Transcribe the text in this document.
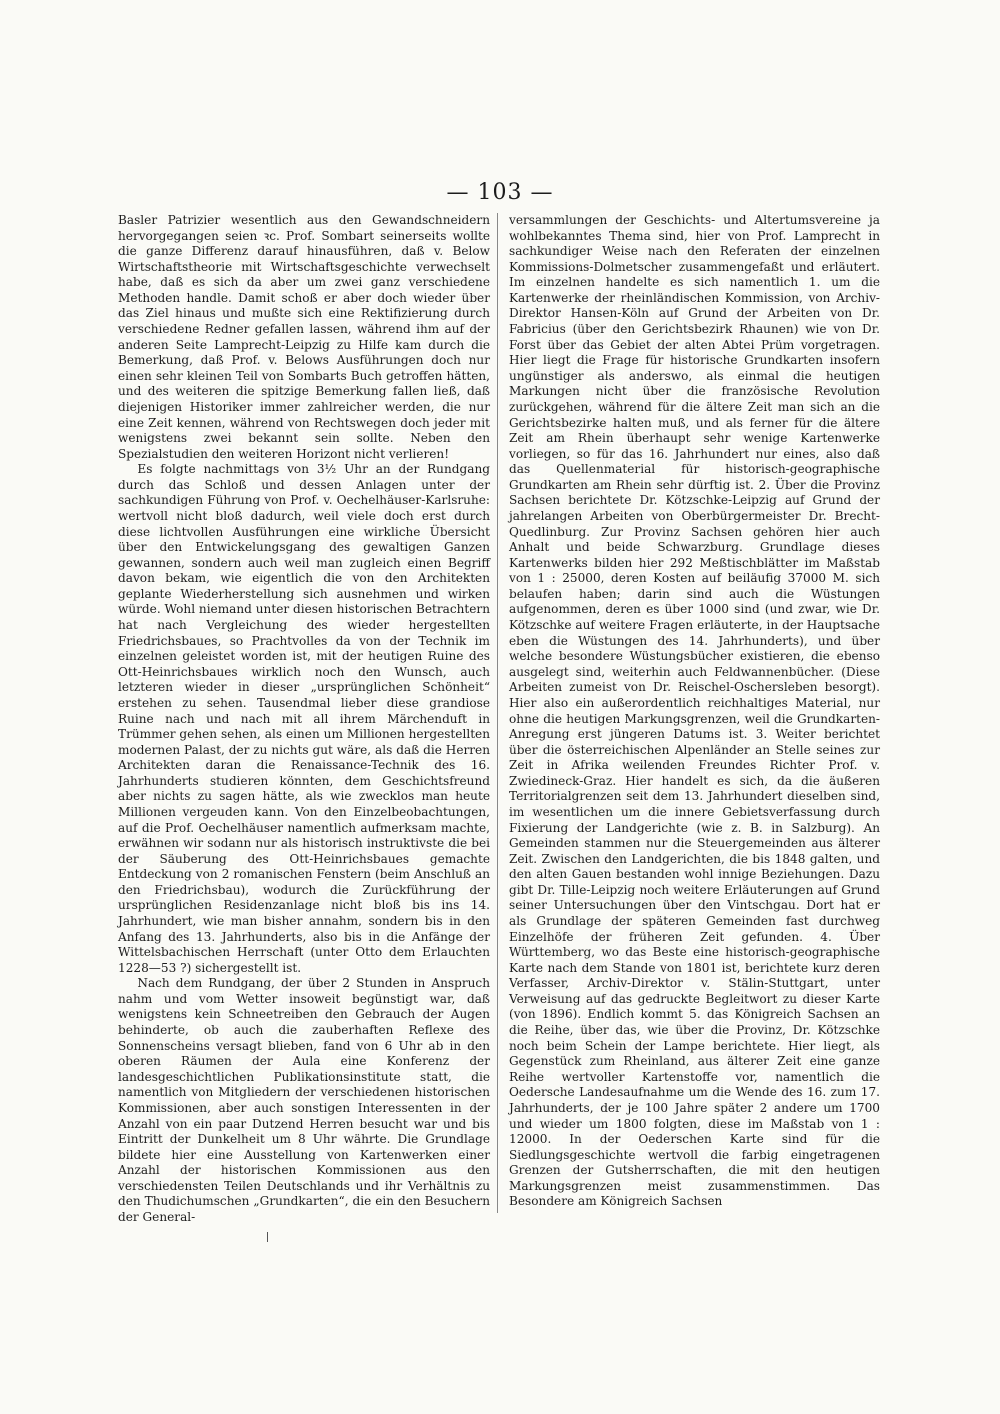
— 103 —

Basler Patrizier wesentlich aus den Gewandschneidern hervorgegangen seien ꝛc. Prof. Sombart seinerseits wollte die ganze Differenz darauf hinausführen, daß v. Below Wirtschaftstheorie mit Wirtschaftsgeschichte verwechselt habe, daß es sich da aber um zwei ganz verschiedene Methoden handle. Damit schoß er aber doch wieder über das Ziel hinaus und mußte sich eine Rektifizierung durch verschiedene Redner gefallen lassen, während ihm auf der anderen Seite Lamprecht-Leipzig zu Hilfe kam durch die Bemerkung, daß Prof. v. Belows Ausführungen doch nur einen sehr kleinen Teil von Sombarts Buch getroffen hätten, und des weiteren die spitzige Bemerkung fallen ließ, daß diejenigen Historiker immer zahlreicher werden, die nur eine Zeit kennen, während von Rechtswegen doch jeder mit wenigstens zwei bekannt sein sollte. Neben den Spezialstudien den weiteren Horizont nicht verlieren!

Es folgte nachmittags von 3½ Uhr an der Rundgang durch das Schloß und dessen Anlagen unter der sachkundigen Führung von Prof. v. Oechelhäuser-Karlsruhe: wertvoll nicht bloß dadurch, weil viele doch erst durch diese lichtvollen Ausführungen eine wirkliche Übersicht über den Entwickelungsgang des gewaltigen Ganzen gewannen, sondern auch weil man zugleich einen Begriff davon bekam, wie eigentlich die von den Architekten geplante Wiederherstellung sich ausnehmen und wirken würde. Wohl niemand unter diesen historischen Betrachtern hat nach Vergleichung des wieder hergestellten Friedrichsbaues, so Prachtvolles da von der Technik im einzelnen geleistet worden ist, mit der heutigen Ruine des Ott-Heinrichsbaues wirklich noch den Wunsch, auch letzteren wieder in dieser „ursprünglichen Schönheit“ erstehen zu sehen. Tausendmal lieber diese grandiose Ruine nach und nach mit all ihrem Märchenduft in Trümmer gehen sehen, als einen um Millionen hergestellten modernen Palast, der zu nichts gut wäre, als daß die Herren Architekten daran die Renaissance-Technik des 16. Jahrhunderts studieren könnten, dem Geschichtsfreund aber nichts zu sagen hätte, als wie zwecklos man heute Millionen vergeuden kann. Von den Einzelbeobachtungen, auf die Prof. Oechelhäuser namentlich aufmerksam machte, erwähnen wir sodann nur als historisch instruktivste die bei der Säuberung des Ott-Heinrichsbaues gemachte Entdeckung von 2 romanischen Fenstern (beim Anschluß an den Friedrichsbau), wodurch die Zurückführung der ursprünglichen Residenzanlage nicht bloß bis ins 14. Jahrhundert, wie man bisher annahm, sondern bis in den Anfang des 13. Jahrhunderts, also bis in die Anfänge der Wittelsbachischen Herrschaft (unter Otto dem Erlauchten 1228—53 ?) sichergestellt ist.

Nach dem Rundgang, der über 2 Stunden in Anspruch nahm und vom Wetter insoweit begünstigt war, daß wenigstens kein Schneetreiben den Gebrauch der Augen behinderte, ob auch die zauberhaften Reflexe des Sonnenscheins versagt blieben, fand von 6 Uhr ab in den oberen Räumen der Aula eine Konferenz der landesgeschichtlichen Publikationsinstitute statt, die namentlich von Mitgliedern der verschiedenen historischen Kommissionen, aber auch sonstigen Interessenten in der Anzahl von ein paar Dutzend Herren besucht war und bis Eintritt der Dunkelheit um 8 Uhr währte. Die Grundlage bildete hier eine Ausstellung von Kartenwerken einer Anzahl der historischen Kommissionen aus den verschiedensten Teilen Deutschlands und ihr Verhältnis zu den Thudichumschen „Grundkarten“, die ein den Besuchern der General-

versammlungen der Geschichts- und Altertumsvereine ja wohlbekanntes Thema sind, hier von Prof. Lamprecht in sachkundiger Weise nach den Referaten der einzelnen Kommissions-Dolmetscher zusammengefaßt und erläutert. Im einzelnen handelte es sich namentlich 1. um die Kartenwerke der rheinländischen Kommission, von Archiv-Direktor Hansen-Köln auf Grund der Arbeiten von Dr. Fabricius (über den Gerichtsbezirk Rhaunen) wie von Dr. Forst über das Gebiet der alten Abtei Prüm vorgetragen. Hier liegt die Frage für historische Grundkarten insofern ungünstiger als anderswo, als einmal die heutigen Markungen nicht über die französische Revolution zurückgehen, während für die ältere Zeit man sich an die Gerichtsbezirke halten muß, und als ferner für die ältere Zeit am Rhein überhaupt sehr wenige Kartenwerke vorliegen, so für das 16. Jahrhundert nur eines, also daß das Quellenmaterial für historisch-geographische Grundkarten am Rhein sehr dürftig ist. 2. Über die Provinz Sachsen berichtete Dr. Kötzschke-Leipzig auf Grund der jahrelangen Arbeiten von Oberbürgermeister Dr. Brecht-Quedlinburg. Zur Provinz Sachsen gehören hier auch Anhalt und beide Schwarzburg. Grundlage dieses Kartenwerks bilden hier 292 Meßtischblätter im Maßstab von 1 : 25000, deren Kosten auf beiläufig 37000 M. sich belaufen haben; darin sind auch die Wüstungen aufgenommen, deren es über 1000 sind (und zwar, wie Dr. Kötzschke auf weitere Fragen erläuterte, in der Hauptsache eben die Wüstungen des 14. Jahrhunderts), und über welche besondere Wüstungsbücher existieren, die ebenso ausgelegt sind, weiterhin auch Feldwannenbücher. (Diese Arbeiten zumeist von Dr. Reischel-Oschersleben besorgt). Hier also ein außerordentlich reichhaltiges Material, nur ohne die heutigen Markungsgrenzen, weil die Grundkarten-Anregung erst jüngeren Datums ist. 3. Weiter berichtet über die österreichischen Alpenländer an Stelle seines zur Zeit in Afrika weilenden Freundes Richter Prof. v. Zwiedineck-Graz. Hier handelt es sich, da die äußeren Territorialgrenzen seit dem 13. Jahrhundert dieselben sind, im wesentlichen um die innere Gebietsverfassung durch Fixierung der Landgerichte (wie z. B. in Salzburg). An Gemeinden stammen nur die Steuergemeinden aus älterer Zeit. Zwischen den Landgerichten, die bis 1848 galten, und den alten Gauen bestanden wohl innige Beziehungen. Dazu gibt Dr. Tille-Leipzig noch weitere Erläuterungen auf Grund seiner Untersuchungen über den Vintschgau. Dort hat er als Grundlage der späteren Gemeinden fast durchweg Einzelhöfe der früheren Zeit gefunden. 4. Über Württemberg, wo das Beste eine historisch-geographische Karte nach dem Stande von 1801 ist, berichtete kurz deren Verfasser, Archiv-Direktor v. Stälin-Stuttgart, unter Verweisung auf das gedruckte Begleitwort zu dieser Karte (von 1896). Endlich kommt 5. das Königreich Sachsen an die Reihe, über das, wie über die Provinz, Dr. Kötzschke noch beim Schein der Lampe berichtete. Hier liegt, als Gegenstück zum Rheinland, aus älterer Zeit eine ganze Reihe wertvoller Kartenstoffe vor, namentlich die Oedersche Landesaufnahme um die Wende des 16. zum 17. Jahrhunderts, der je 100 Jahre später 2 andere um 1700 und wieder um 1800 folgten, diese im Maßstab von 1 : 12000. In der Oederschen Karte sind für die Siedlungsgeschichte wertvoll die farbig eingetragenen Grenzen der Gutsherrschaften, die mit den heutigen Markungsgrenzen meist zusammenstimmen. Das Besondere am Königreich Sachsen
